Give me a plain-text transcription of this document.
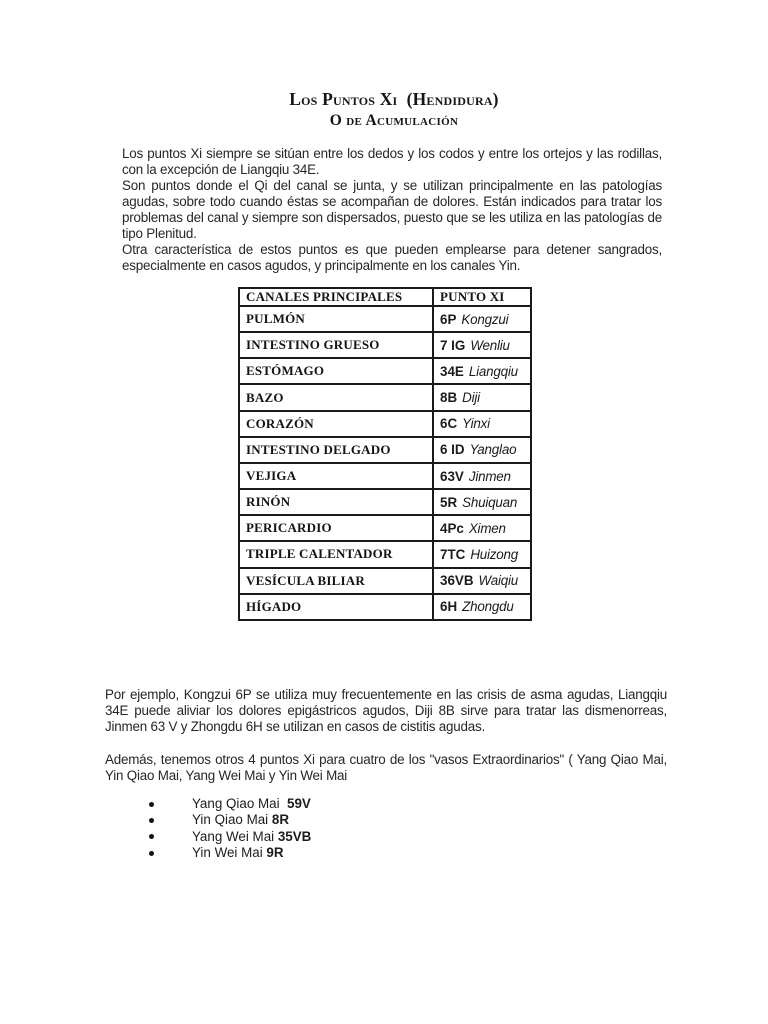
Los Puntos Xi  (Hendidura)
O de Acumulación

Los puntos Xi siempre se sitúan entre los dedos y los codos y entre los ortejos y las rodillas, con la excepción de Liangqiu 34E.

Son puntos donde el Qi del canal se junta, y se utilizan principalmente en las patologías agudas, sobre todo cuando éstas se acompañan de dolores. Están indicados para tratar los problemas del canal y siempre son dispersados, puesto que se les utiliza en las patologías de tipo Plenitud.

Otra característica de estos puntos es que pueden emplearse para detener sangrados, especialmente en casos agudos, y principalmente en los canales Yin.

CANALES PRINCIPALES	PUNTO XI
PULMÓN	6P Kongzui
INTESTINO GRUESO	7 IG Wenliu
ESTÓMAGO	34E Liangqiu
BAZO	8B Diji
CORAZÓN	6C Yinxi
INTESTINO DELGADO	6 ID Yanglao
VEJIGA	63V Jinmen
RINÓN	5R Shuiquan
PERICARDIO	4Pc Ximen
TRIPLE CALENTADOR	7TC Huizong
VESÍCULA BILIAR	36VB Waiqiu
HÍGADO	6H Zhongdu
Por ejemplo, Kongzui 6P se utiliza muy frecuentemente en las crisis de asma agudas, Liangqiu 34E puede aliviar los dolores epigástricos agudos, Diji 8B sirve para tratar las dismenorreas, Jinmen 63 V y Zhongdu 6H se utilizan en casos de cistitis agudas.
Además, tenemos otros 4 puntos Xi para cuatro de los "vasos Extraordinarios" ( Yang Qiao Mai, Yin Qiao Mai, Yang Wei Mai y Yin Wei Mai
Yang Qiao Mai  59V
Yin Qiao Mai 8R
Yang Wei Mai 35VB
Yin Wei Mai 9R
